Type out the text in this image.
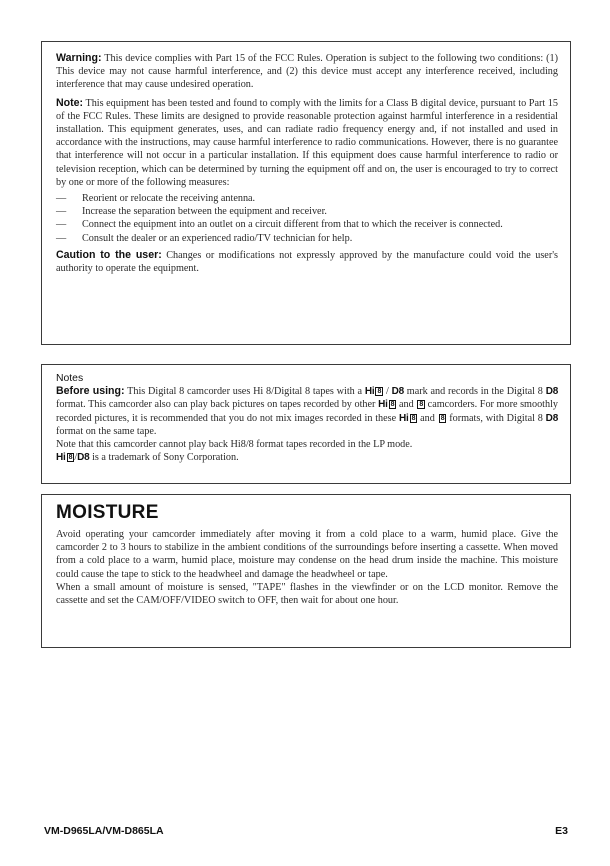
Warning: This device complies with Part 15 of the FCC Rules. Operation is subject to the following two conditions: (1) This device may not cause harmful interference, and (2) this device must accept any interference received, including interference that may cause undesired operation.

Note: This equipment has been tested and found to comply with the limits for a Class B digital device, pursuant to Part 15 of the FCC Rules. These limits are designed to provide reasonable protection against harmful interference in a residential installation. This equipment generates, uses, and can radiate radio frequency energy and, if not installed and used in accordance with the instructions, may cause harmful interference to radio communications. However, there is no guarantee that interference will not occur in a particular installation. If this equipment does cause harmful interference to radio or television reception, which can be determined by turning the equipment off and on, the user is encouraged to try to correct by one or more of the following measures:

— Reorient or relocate the receiving antenna.
— Increase the separation between the equipment and receiver.
— Connect the equipment into an outlet on a circuit different from that to which the receiver is connected.
— Consult the dealer or an experienced radio/TV technician for help.

Caution to the user: Changes or modifications not expressly approved by the manufacture could void the user's authority to operate the equipment.

Notes

Before using: This Digital 8 camcorder uses Hi 8/Digital 8 tapes with a Hi 8 / D8 mark and records in the Digital 8 D8 format. This camcorder also can play back pictures on tapes recorded by other Hi 8 and 8 camcorders. For more smoothly recorded pictures, it is recommended that you do not mix images recorded in these Hi 8 and 8 formats, with Digital 8 D8 format on the same tape.

Note that this camcorder cannot play back Hi8/8 format tapes recorded in the LP mode.

Hi 8 /D8 is a trademark of Sony Corporation.

MOISTURE

Avoid operating your camcorder immediately after moving it from a cold place to a warm, humid place. Give the camcorder 2 to 3 hours to stabilize in the ambient conditions of the surroundings before inserting a cassette. When moved from a cold place to a warm, humid place, moisture may condense on the head drum inside the machine. This moisture could cause the tape to stick to the headwheel and damage the headwheel or tape.

When a small amount of moisture is sensed, "TAPE" flashes in the viewfinder or on the LCD monitor. Remove the cassette and set the CAM/OFF/VIDEO switch to OFF, then wait for about one hour.

VM-D965LA/VM-D865LA	E3
